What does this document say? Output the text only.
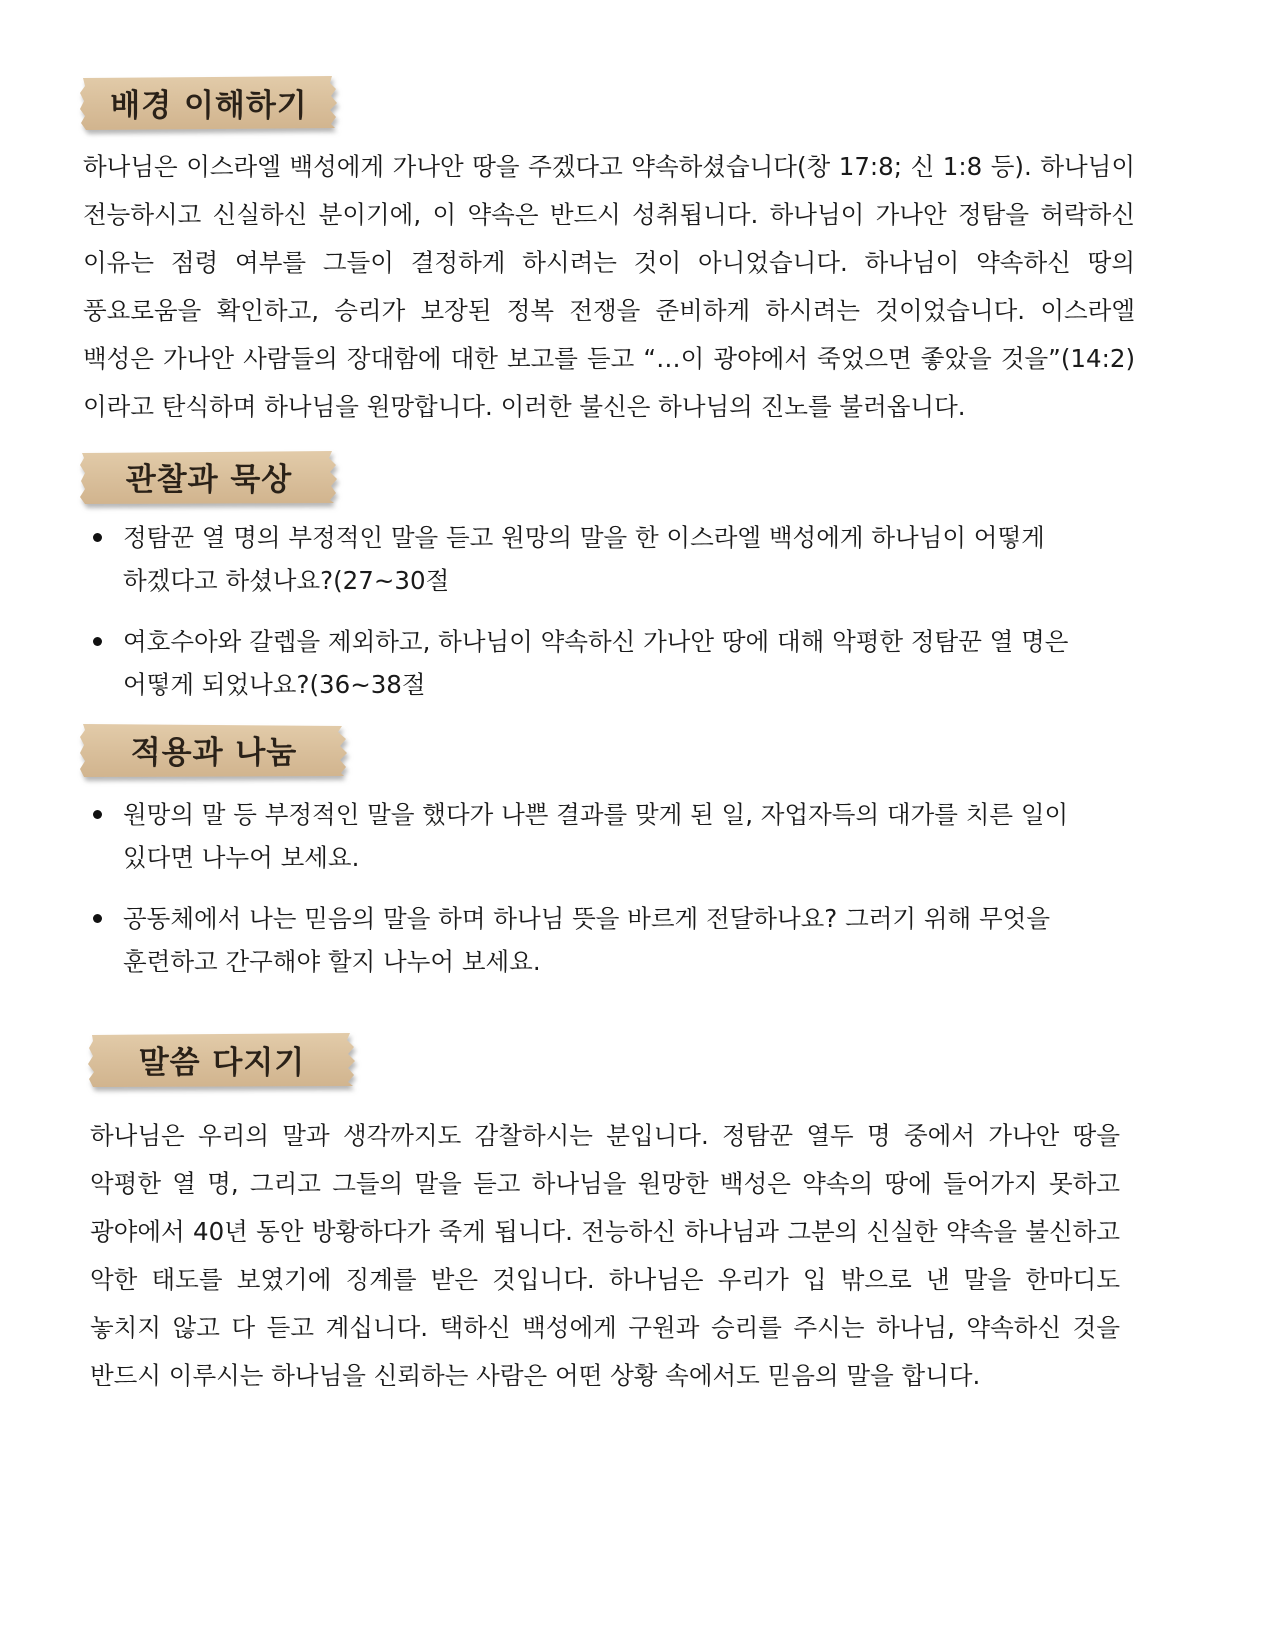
배경 이해하기

하나님은 이스라엘 백성에게 가나안 땅을 주겠다고 약속하셨습니다(창 17:8; 신 1:8 등). 하나님이 전능하시고 신실하신 분이기에, 이 약속은 반드시 성취됩니다. 하나님이 가나안 정탐을 허락하신 이유는 점령 여부를 그들이 결정하게 하시려는 것이 아니었습니다. 하나님이 약속하신 땅의 풍요로움을 확인하고, 승리가 보장된 정복 전쟁을 준비하게 하시려는 것이었습니다. 이스라엘 백성은 가나안 사람들의 장대함에 대한 보고를 듣고 “…이 광야에서 죽었으면 좋았을 것을”(14:2)이라고 탄식하며 하나님을 원망합니다. 이러한 불신은 하나님의 진노를 불러옵니다.

관찰과 묵상
정탐꾼 열 명의 부정적인 말을 듣고 원망의 말을 한 이스라엘 백성에게 하나님이 어떻게 하겠다고 하셨나요?(27~30절
여호수아와 갈렙을 제외하고, 하나님이 약속하신 가나안 땅에 대해 악평한 정탐꾼 열 명은 어떻게 되었나요?(36~38절
적용과 나눔
원망의 말 등 부정적인 말을 했다가 나쁜 결과를 맞게 된 일, 자업자득의 대가를 치른 일이 있다면 나누어 보세요.
공동체에서 나는 믿음의 말을 하며 하나님 뜻을 바르게 전달하나요? 그러기 위해 무엇을 훈련하고 간구해야 할지 나누어 보세요.
말씀 다지기

하나님은 우리의 말과 생각까지도 감찰하시는 분입니다. 정탐꾼 열두 명 중에서 가나안 땅을 악평한 열 명, 그리고 그들의 말을 듣고 하나님을 원망한 백성은 약속의 땅에 들어가지 못하고 광야에서 40년 동안 방황하다가 죽게 됩니다. 전능하신 하나님과 그분의 신실한 약속을 불신하고 악한 태도를 보였기에 징계를 받은 것입니다. 하나님은 우리가 입 밖으로 낸 말을 한마디도 놓치지 않고 다 듣고 계십니다. 택하신 백성에게 구원과 승리를 주시는 하나님, 약속하신 것을 반드시 이루시는 하나님을 신뢰하는 사람은 어떤 상황 속에서도 믿음의 말을 합니다.
